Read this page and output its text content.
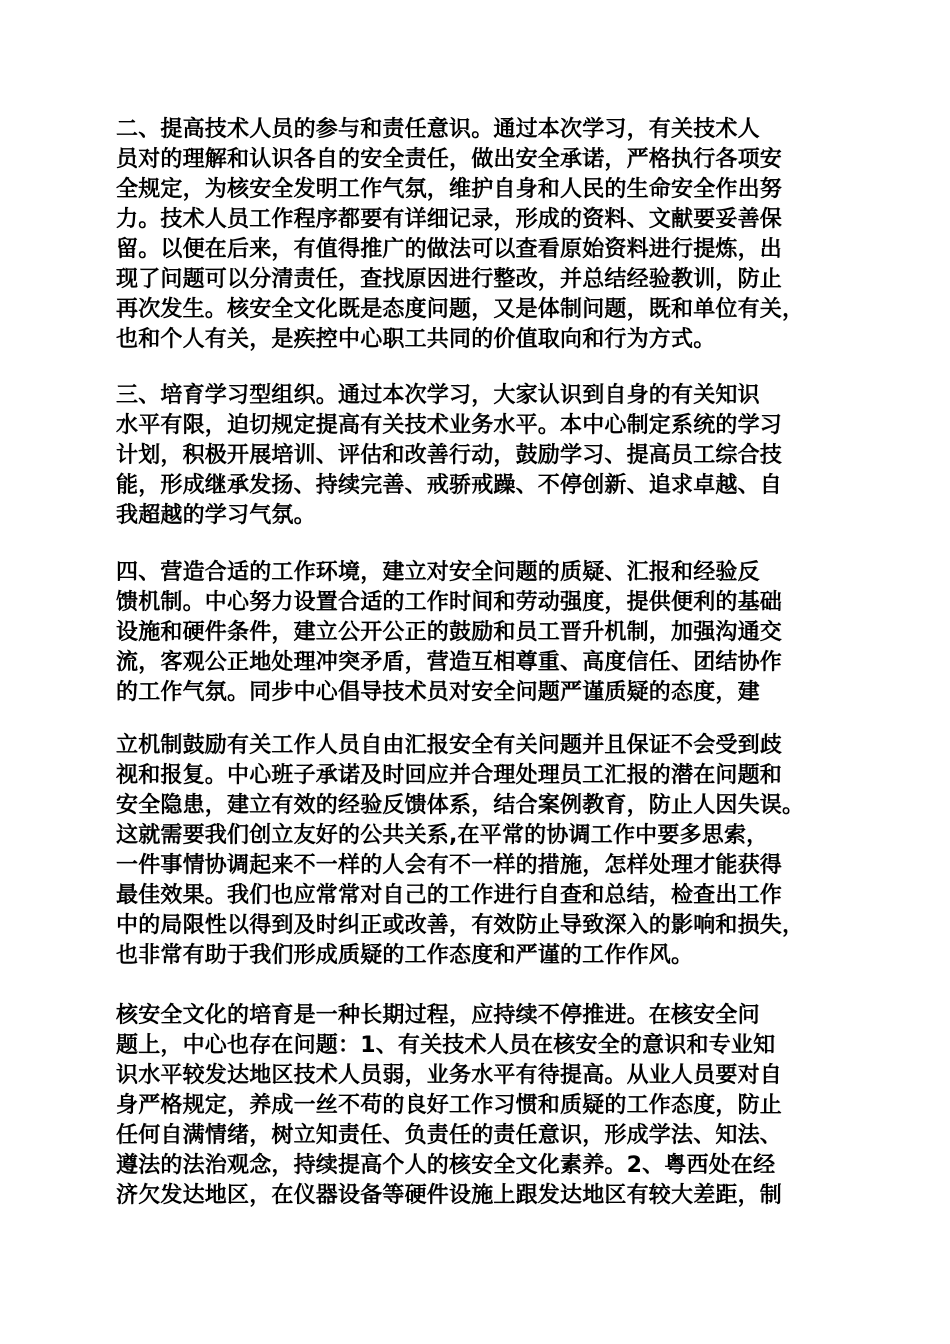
二、提高技术人员的参与和责任意识。通过本次学习，有关技术人
员对的理解和认识各自的安全责任，做出安全承诺，严格执行各项安
全规定，为核安全发明工作气氛，维护自身和人民的生命安全作出努
力。技术人员工作程序都要有详细记录，形成的资料、文献要妥善保
留。以便在后来，有值得推广的做法可以查看原始资料进行提炼，出
现了问题可以分清责任，查找原因进行整改，并总结经验教训，防止
再次发生。核安全文化既是态度问题，又是体制问题，既和单位有关，
也和个人有关，是疾控中心职工共同的价值取向和行为方式。
三、培育学习型组织。通过本次学习，大家认识到自身的有关知识
水平有限，迫切规定提高有关技术业务水平。本中心制定系统的学习
计划，积极开展培训、评估和改善行动，鼓励学习、提高员工综合技
能，形成继承发扬、持续完善、戒骄戒躁、不停创新、追求卓越、自
我超越的学习气氛。
四、营造合适的工作环境，建立对安全问题的质疑、汇报和经验反
馈机制。中心努力设置合适的工作时间和劳动强度，提供便利的基础
设施和硬件条件，建立公开公正的鼓励和员工晋升机制，加强沟通交
流，客观公正地处理冲突矛盾，营造互相尊重、高度信任、团结协作
的工作气氛。同步中心倡导技术员对安全问题严谨质疑的态度，建
立机制鼓励有关工作人员自由汇报安全有关问题并且保证不会受到歧
视和报复。中心班子承诺及时回应并合理处理员工汇报的潜在问题和
安全隐患，建立有效的经验反馈体系，结合案例教育，防止人因失误。
这就需要我们创立友好的公共关系,在平常的协调工作中要多思索，
一件事情协调起来不一样的人会有不一样的措施，怎样处理才能获得
最佳效果。我们也应常常对自己的工作进行自查和总结，检查出工作
中的局限性以得到及时纠正或改善，有效防止导致深入的影响和损失，
也非常有助于我们形成质疑的工作态度和严谨的工作作风。
核安全文化的培育是一种长期过程，应持续不停推进。在核安全问
题上，中心也存在问题：1、有关技术人员在核安全的意识和专业知
识水平较发达地区技术人员弱，业务水平有待提高。从业人员要对自
身严格规定，养成一丝不苟的良好工作习惯和质疑的工作态度，防止
任何自满情绪，树立知责任、负责任的责任意识，形成学法、知法、
遵法的法治观念，持续提高个人的核安全文化素养。2、粤西处在经
济欠发达地区，在仪器设备等硬件设施上跟发达地区有较大差距，制
